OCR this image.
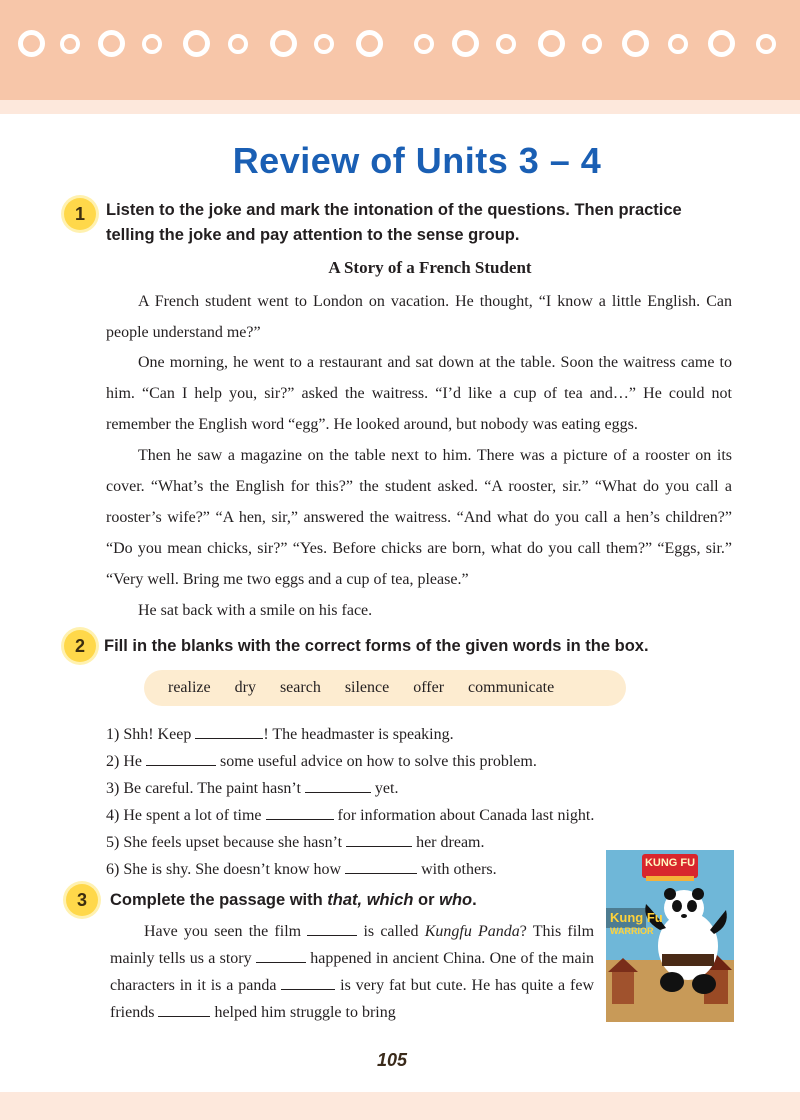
Review of Units 3 – 4
1	Listen to the joke and mark the intonation of the questions. Then practice
telling the joke and pay attention to the sense group.
A Story of a French Student
A French student went to London on vacation. He thought, “I know a little English. Can people understand me?”
One morning, he went to a restaurant and sat down at the table. Soon the waitress came to him. “Can I help you, sir?” asked the waitress. “I’d like a cup of tea and…” He could not remember the English word “egg”. He looked around, but nobody was eating eggs.
Then he saw a magazine on the table next to him. There was a picture of a rooster on its cover. “What’s the English for this?” the student asked. “A rooster, sir.” “What do you call a rooster’s wife?” “A hen, sir,” answered the waitress. “And what do you call a hen’s children?” “Do you mean chicks, sir?” “Yes. Before chicks are born, what do you call them?” “Eggs, sir.” “Very well. Bring me two eggs and a cup of tea, please.”
He sat back with a smile on his face.
2	Fill in the blanks with the correct forms of the given words in the box.
realize dry search silence offer communicate
1) Shh! Keep	! The headmaster is speaking.
2) He	some useful advice on how to solve this problem.
3) Be careful. The paint hasn’t	yet.
4) He spent a lot of time	for information about Canada last night.
5) She feels upset because she hasn’t	her dream.
6) She is shy. She doesn’t know how	with others.
3	Complete the passage with that, which or who.
Have you seen the film	is called Kungfu Panda? This film mainly tells us a story	happened in ancient China. One of the main characters in it is a panda	is very fat but cute. He has quite a few friends	helped him struggle to bring
KUNG FU
Kung Fu
WARRIOR
105
